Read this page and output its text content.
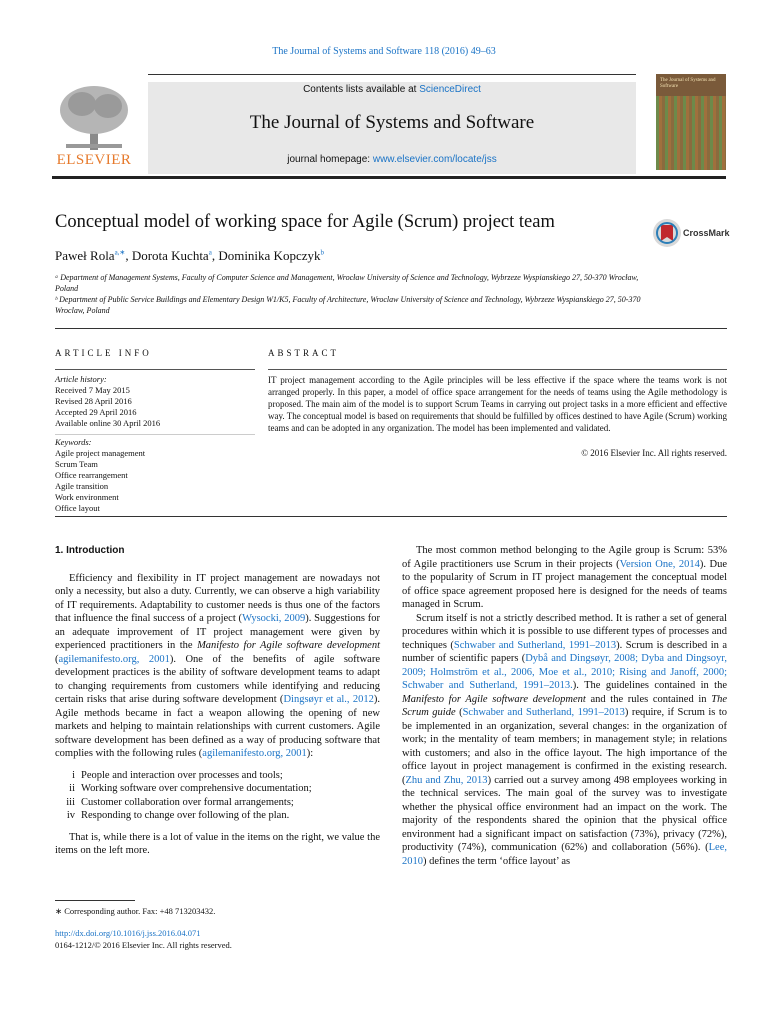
The Journal of Systems and Software 118 (2016) 49–63
ELSEVIER
Contents lists available at ScienceDirect
The Journal of Systems and Software
journal homepage: www.elsevier.com/locate/jss
The Journal of Systems and Software
Conceptual model of working space for Agile (Scrum) project team
CrossMark
Paweł Rola$^{a,∗}$, Dorota Kuchta$^a$, Dominika Kopczyk$^b$
ᵃ Department of Management Systems, Faculty of Computer Science and Management, Wrocław University of Science and Technology, Wybrzeze Wyspianskiego 27, 50-370 Wrocław, Poland
ᵇ Department of Public Service Buildings and Elementary Design W1/K5, Faculty of Architecture, Wroclaw University of Science and Technology, Wybrzeze Wyspianskiego 27, 50-370 Wroclaw, Poland
ARTICLE INFO	ABSTRACT
Article history:
Received 7 May 2015
Revised 28 April 2016
Accepted 29 April 2016
Available online 30 April 2016
Keywords:
Agile project management
Scrum Team
Office rearrangement
Agile transition
Work environment
Office layout
IT project management according to the Agile principles will be less effective if the space where the teams work is not arranged properly. In this paper, a model of office space arrangement for the needs of teams using the Agile methodology is proposed. The main aim of the model is to support Scrum Teams in carrying out project tasks in a more efficient and effective way. The conceptual model is based on requirements that should be fulfilled by offices destined to have Agile (Scrum) working teams and can be adopted in any organization. The model has been implemented and validated.
© 2016 Elsevier Inc. All rights reserved.
1. Introduction

Efficiency and flexibility in IT project management are nowadays not only a necessity, but also a duty. Currently, we can observe a high variability of IT requirements. Adaptability to customer needs is thus one of the factors that influence the final success of a project (Wysocki, 2009). Suggestions for an adequate improvement of IT project management were given by experienced practitioners in the Manifesto for Agile software development (agilemanifesto.org, 2001). One of the benefits of agile software development practices is the ability of software development teams to adapt to changing requirements from customers while identifying and reducing certain risks that arise during software development (Dingsøyr et al., 2012). Agile methods became in fact a weapon allowing the opening of new markets and helping to maintain relationships with current customers. Agile software development has been defined as a way of producing software that complies with the following rules (agilemanifesto.org, 2001):

i People and interaction over processes and tools;
ii Working software over comprehensive documentation;
iii Customer collaboration over formal arrangements;
iv Responding to change over following of the plan.

That is, while there is a lot of value in the items on the right, we value the items on the left more.

The most common method belonging to the Agile group is Scrum: 53% of Agile practitioners use Scrum in their projects (Version One, 2014). Due to the popularity of Scrum in IT project management the conceptual model of office space agreement proposed here is designed for the needs of teams managed in Scrum.

Scrum itself is not a strictly described method. It is rather a set of general procedures within which it is possible to use different types of processes and techniques (Schwaber and Sutherland, 1991–2013). Scrum is described in a number of scientific papers (Dybå and Dingsøyr, 2008; Dyba and Dingsoyr, 2009; Holmström et al., 2006, Moe et al., 2010; Rising and Janoff, 2000; Schwaber and Sutherland, 1991–2013.). The guidelines contained in the Manifesto for Agile software development and the rules contained in The Scrum guide (Schwaber and Sutherland, 1991–2013) require, if Scrum is to be implemented in an organization, several changes: in the organization of work; in the mentality of team members; in management style; in relations with customers; and also in the office layout. The high importance of the office layout in project management is confirmed in the existing research. (Zhu and Zhu, 2013) carried out a survey among 498 employees working in the technical services. The main goal of the survey was to investigate whether the physical office environment had an impact on the work. The majority of the respondents shared the opinion that the physical office environment had a significant impact on satisfaction (73%), privacy (72%), productivity (74%), communication (62%) and collaboration (56%). (Lee, 2010) defines the term ‘office layout’ as

∗ Corresponding author. Fax: +48 713203432.
http://dx.doi.org/10.1016/j.jss.2016.04.071
0164-1212/© 2016 Elsevier Inc. All rights reserved.
